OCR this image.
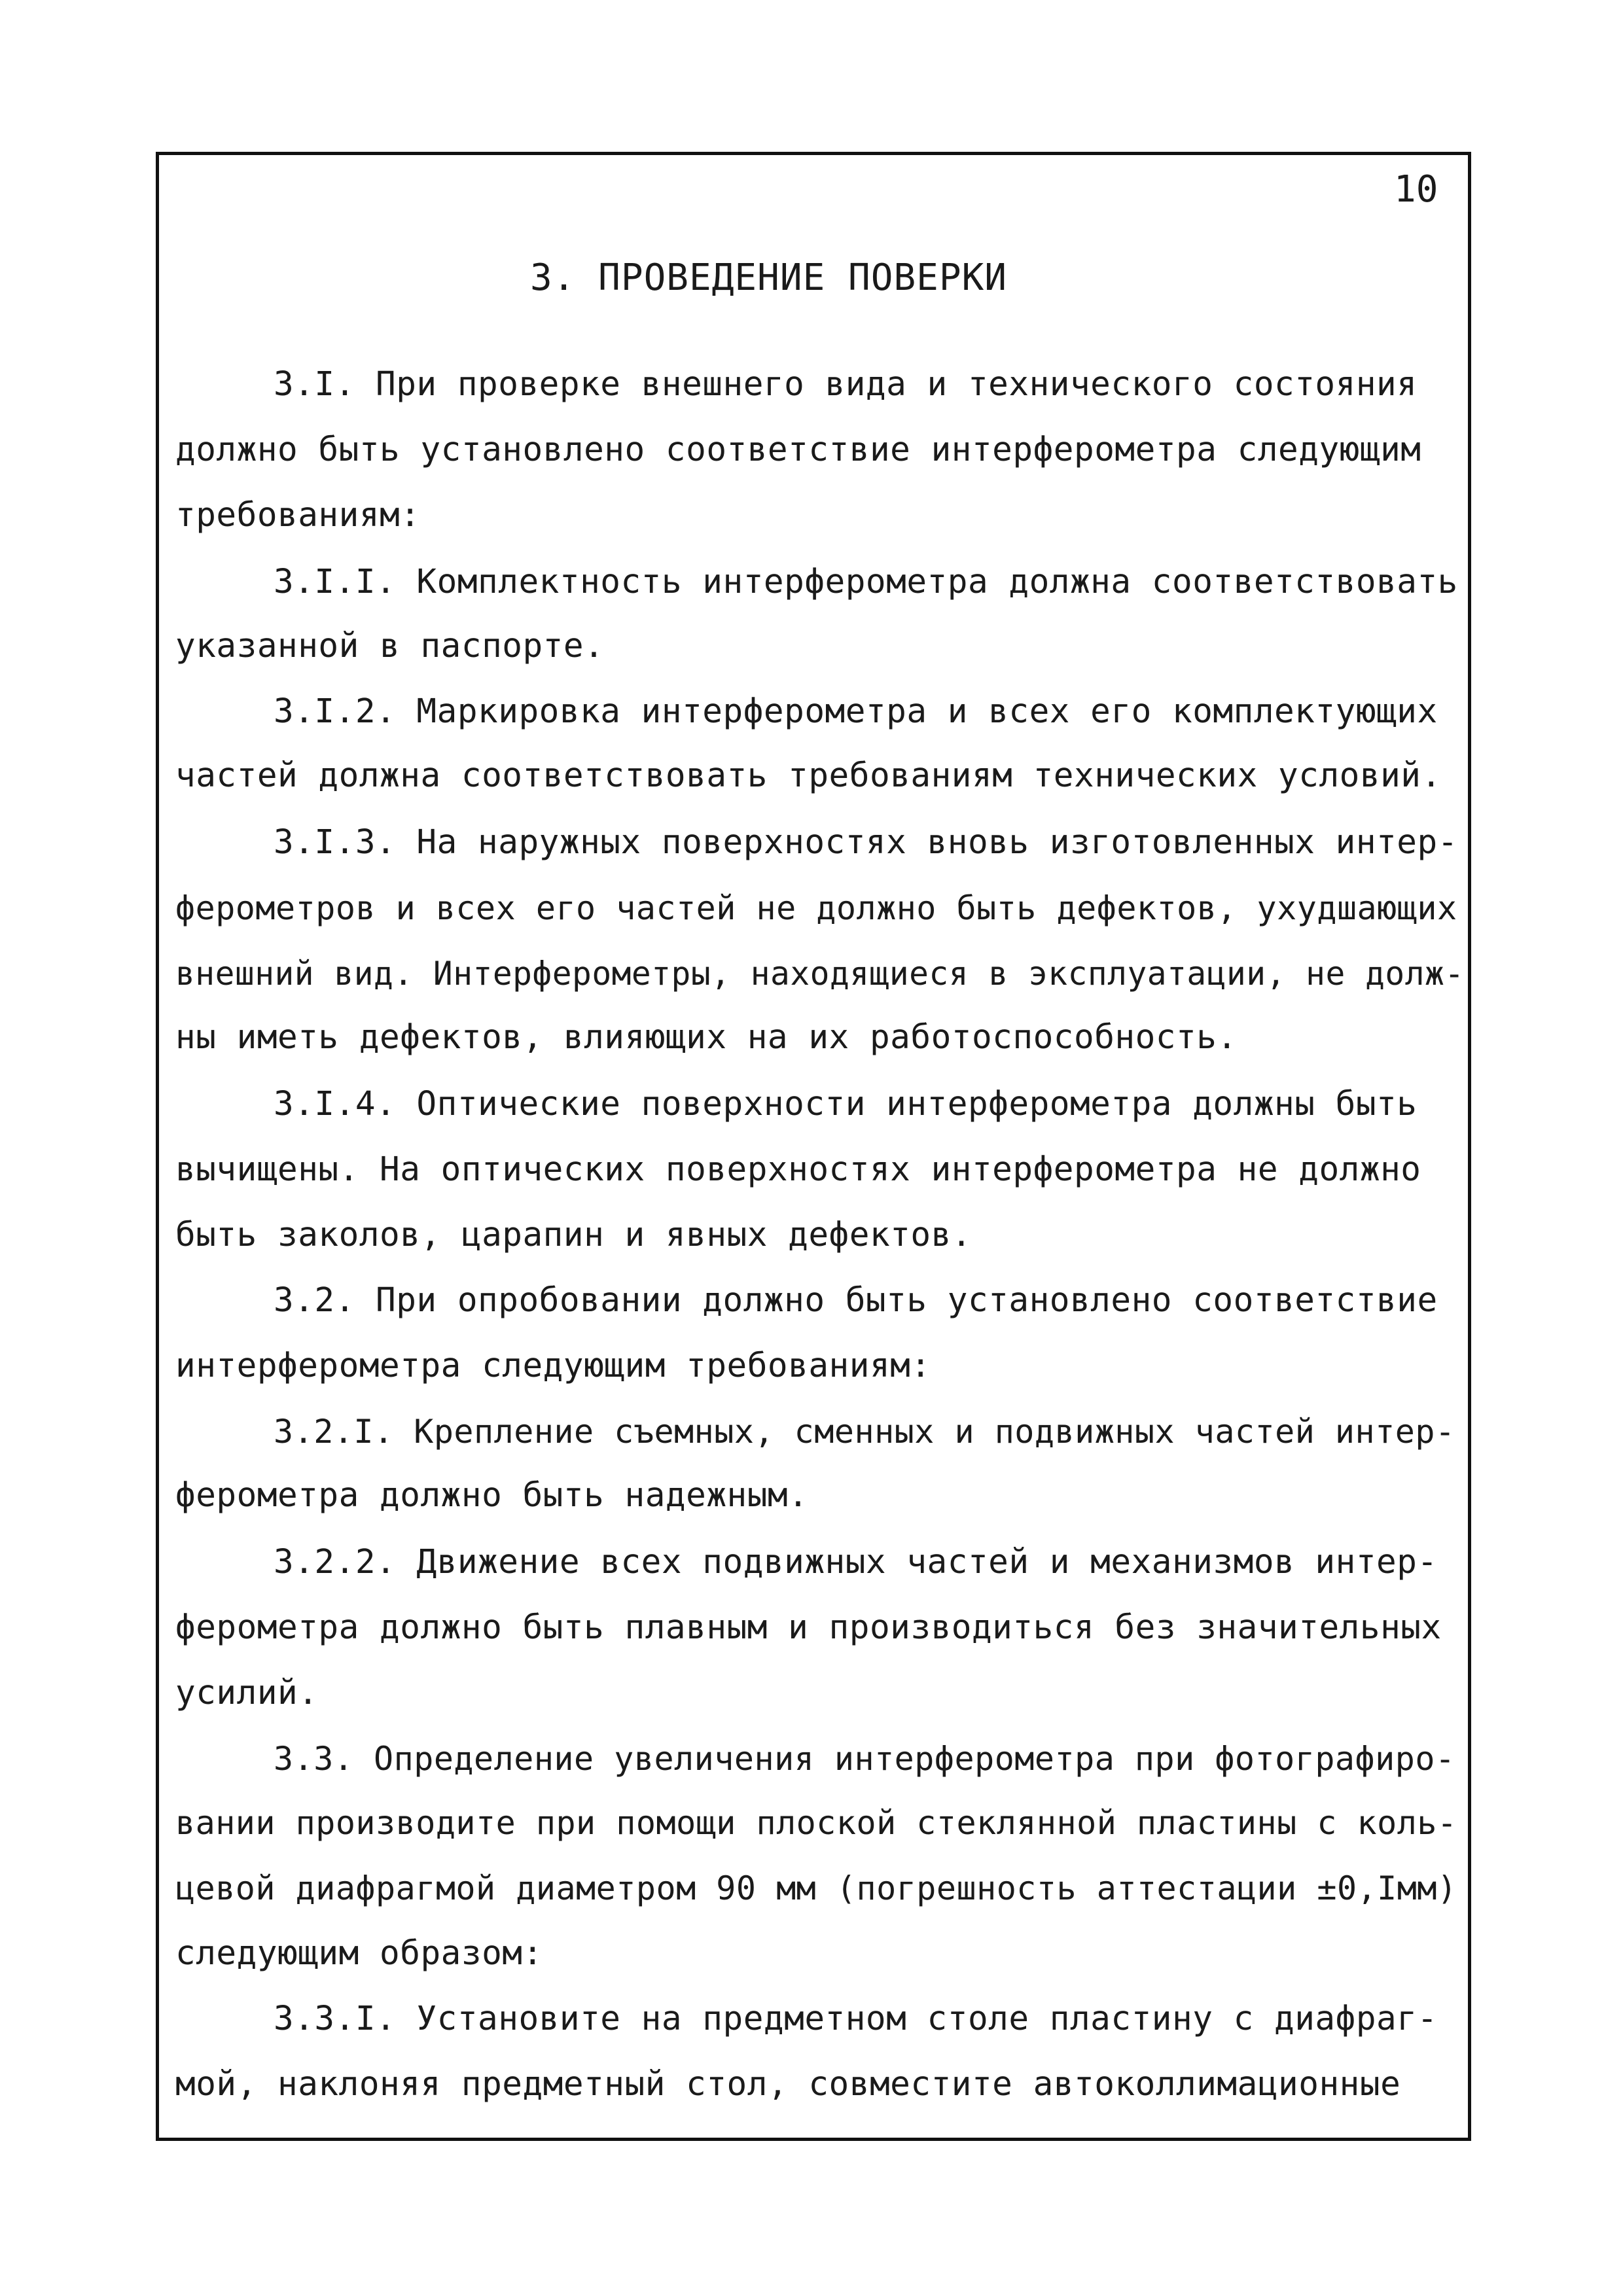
10
3. ПРОВЕДЕНИЕ ПОВЕРКИ
3.I. При проверке внешнего вида и технического состояния
должно быть установлено соответствие интерферометра следующим
требованиям:
3.I.I. Комплектность интерферометра должна соответствовать
указанной в паспорте.
3.I.2. Маркировка интерферометра и всех его комплектующих
частей должна соответствовать требованиям технических условий.
3.I.3. На наружных поверхностях вновь изготовленных интер-
ферометров и всех его частей не должно быть дефектов, ухудшающих
внешний вид. Интерферометры, находящиеся в эксплуатации, не долж-
ны иметь дефектов, влияющих на их работоспособность.
3.I.4. Оптические поверхности интерферометра должны быть
вычищены. На оптических поверхностях интерферометра не должно
быть заколов, царапин и явных дефектов.
3.2. При опробовании должно быть установлено соответствие
интерферометра следующим требованиям:
3.2.I. Крепление съемных, сменных и подвижных частей интер-
ферометра должно быть надежным.
3.2.2. Движение всех подвижных частей и механизмов интер-
ферометра должно быть плавным и производиться без значительных
усилий.
3.3. Определение увеличения интерферометра при фотографиро-
вании производите при помощи плоской стеклянной пластины с коль-
цевой диафрагмой диаметром 90 мм (погрешность аттестации ±0,Iмм)
следующим образом:
3.3.I. Установите на предметном столе пластину с диафраг-
мой, наклоняя предметный стол, совместите автоколлимационные
